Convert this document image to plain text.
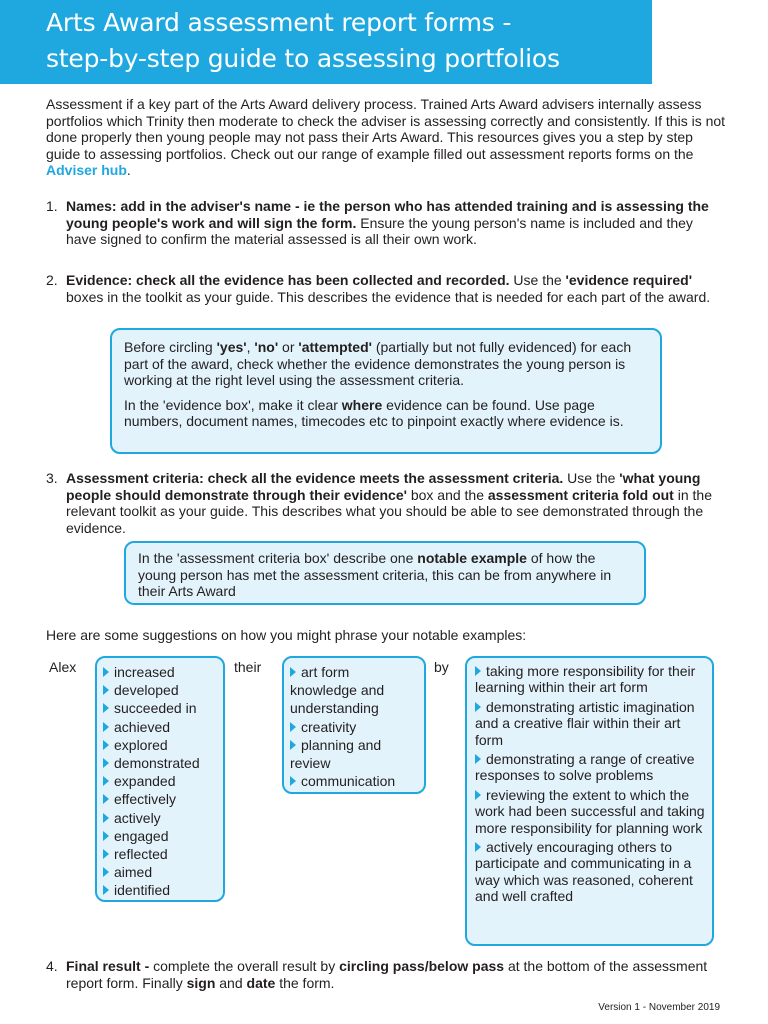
Arts Award assessment report forms -
step-by-step guide to assessing portfolios
Assessment if a key part of the Arts Award delivery process. Trained Arts Award advisers internally assess portfolios which Trinity then moderate to check the adviser is assessing correctly and consistently. If this is not done properly then young people may not pass their Arts Award. This resources gives you a step by step guide to assessing portfolios. Check out our range of example filled out assessment reports forms on the Adviser hub.
1. Names: add in the adviser's name - ie the person who has attended training and is assessing the young people's work and will sign the form. Ensure the young person's name is included and they have signed to confirm the material assessed is all their own work.
2. Evidence: check all the evidence has been collected and recorded. Use the 'evidence required' boxes in the toolkit as your guide. This describes the evidence that is needed for each part of the award.

Before circling 'yes', 'no' or 'attempted' (partially but not fully evidenced) for each part of the award, check whether the evidence demonstrates the young person is working at the right level using the assessment criteria.

In the 'evidence box', make it clear where evidence can be found. Use page numbers, document names, timecodes etc to pinpoint exactly where evidence is.

3. Assessment criteria: check all the evidence meets the assessment criteria. Use the 'what young people should demonstrate through their evidence' box and the assessment criteria fold out in the relevant toolkit as your guide. This describes what you should be able to see demonstrated through the evidence.
In the 'assessment criteria box' describe one notable example of how the young person has met the assessment criteria, this can be from anywhere in their Arts Award
Here are some suggestions on how you might phrase your notable examples:
Alex	their	by
increased
developed
succeeded in
achieved
explored
demonstrated
expanded
effectively
actively
engaged
reflected
aimed
identified
art form
knowledge and
understanding
creativity
planning and
review
communication
taking more responsibility for their learning within their art form
demonstrating artistic imagination and a creative flair within their art form
demonstrating a range of creative responses to solve problems
reviewing the extent to which the work had been successful and taking more responsibility for planning work
actively encouraging others to participate and communicating in a way which was reasoned, coherent and well crafted
4. Final result - complete the overall result by circling pass/below pass at the bottom of the assessment report form. Finally sign and date the form.
Version 1 - November 2019
